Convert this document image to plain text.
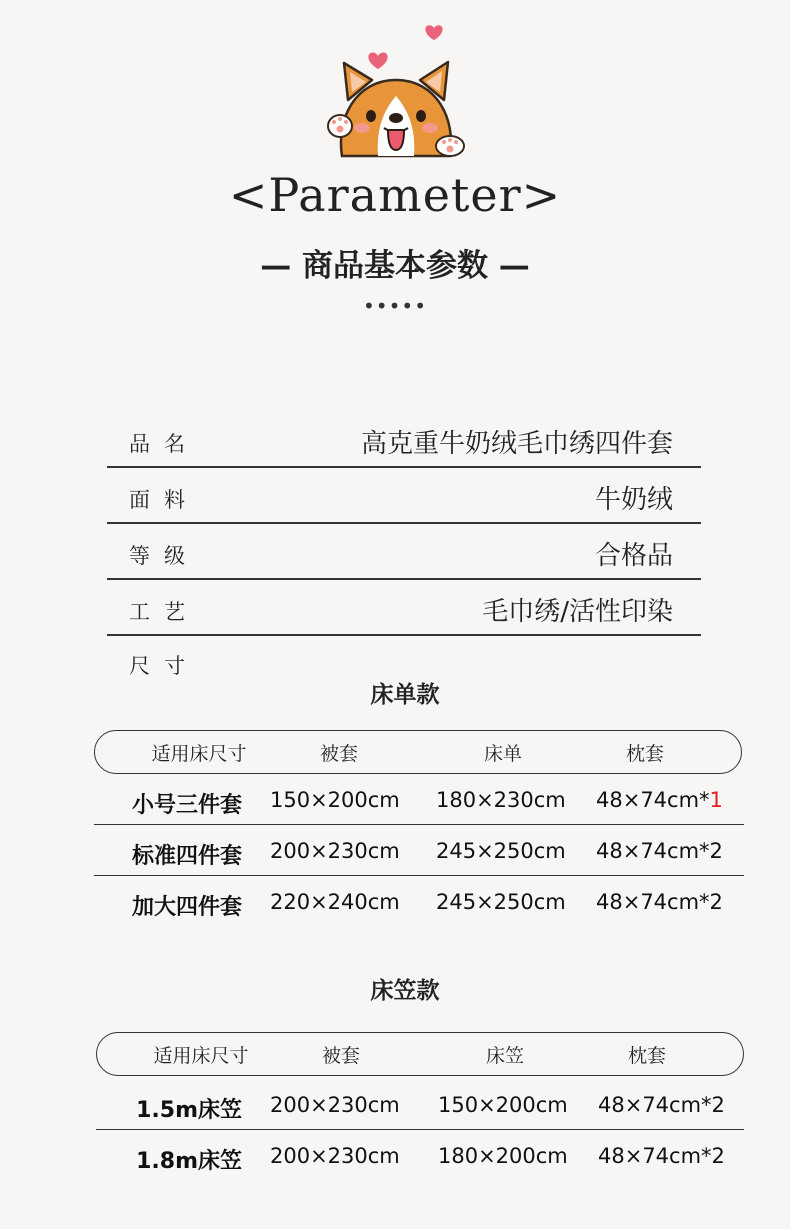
<Parameter>
— 商品基本参数 —
•••••
品名	高克重牛奶绒毛巾绣四件套
面料	牛奶绒
等级	合格品
工艺	毛巾绣/活性印染
尺寸
床单款
适用床尺寸	被套	床单	枕套
小号三件套 150×200cm 180×230cm 48×74cm*1
标准四件套 200×230cm 245×250cm 48×74cm*2
加大四件套 220×240cm 245×250cm 48×74cm*2
床笠款
适用床尺寸	被套	床笠	枕套
1.5m床笠 200×230cm 150×200cm 48×74cm*2
1.8m床笠 200×230cm 180×200cm 48×74cm*2
